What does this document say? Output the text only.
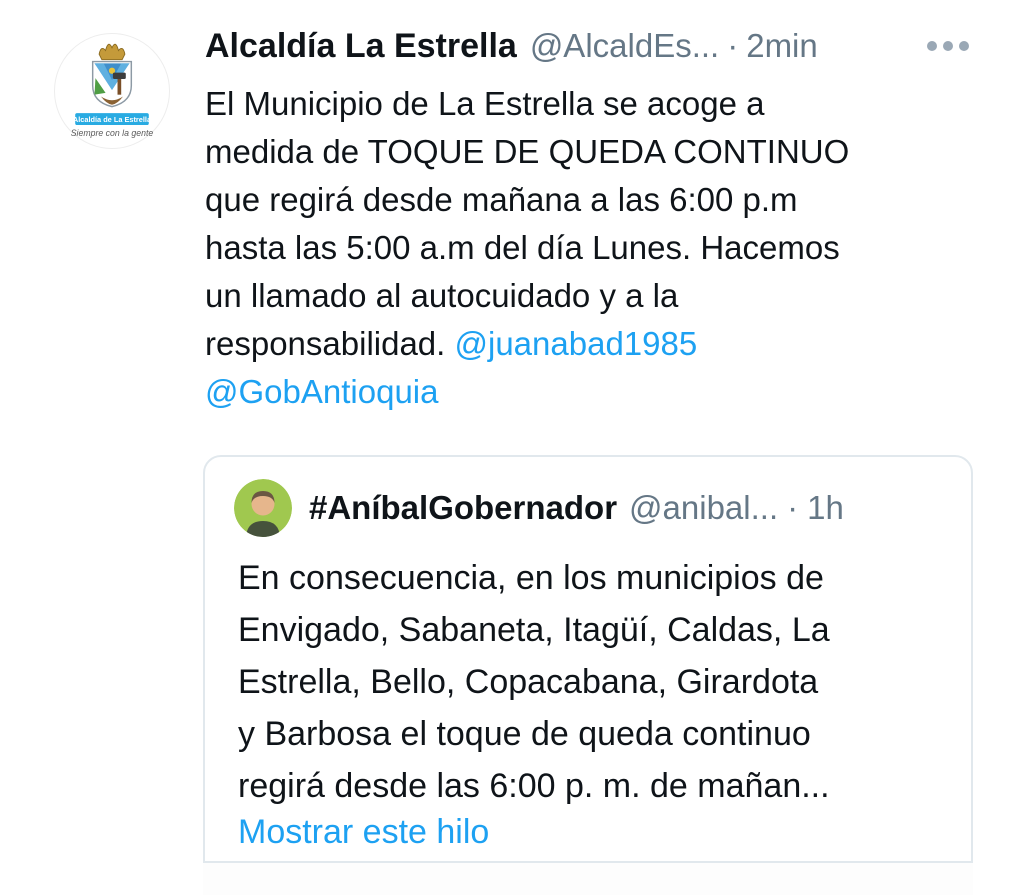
Alcaldía de La Estrella
Siempre con la gente
Alcaldía La Estrella @AlcaldEs... · 2min
El Municipio de La Estrella se acoge a
medida de TOQUE DE QUEDA CONTINUO
que regirá desde mañana a las 6:00 p.m
hasta las 5:00 a.m del día Lunes. Hacemos
un llamado al autocuidado y a la
responsabilidad. @juanabad1985
@GobAntioquia
#AníbalGobernador @anibal... · 1h
En consecuencia, en los municipios de
Envigado, Sabaneta, Itagüí, Caldas, La
Estrella, Bello, Copacabana, Girardota
y Barbosa el toque de queda continuo
regirá desde las 6:00 p. m. de mañan...
Mostrar este hilo
